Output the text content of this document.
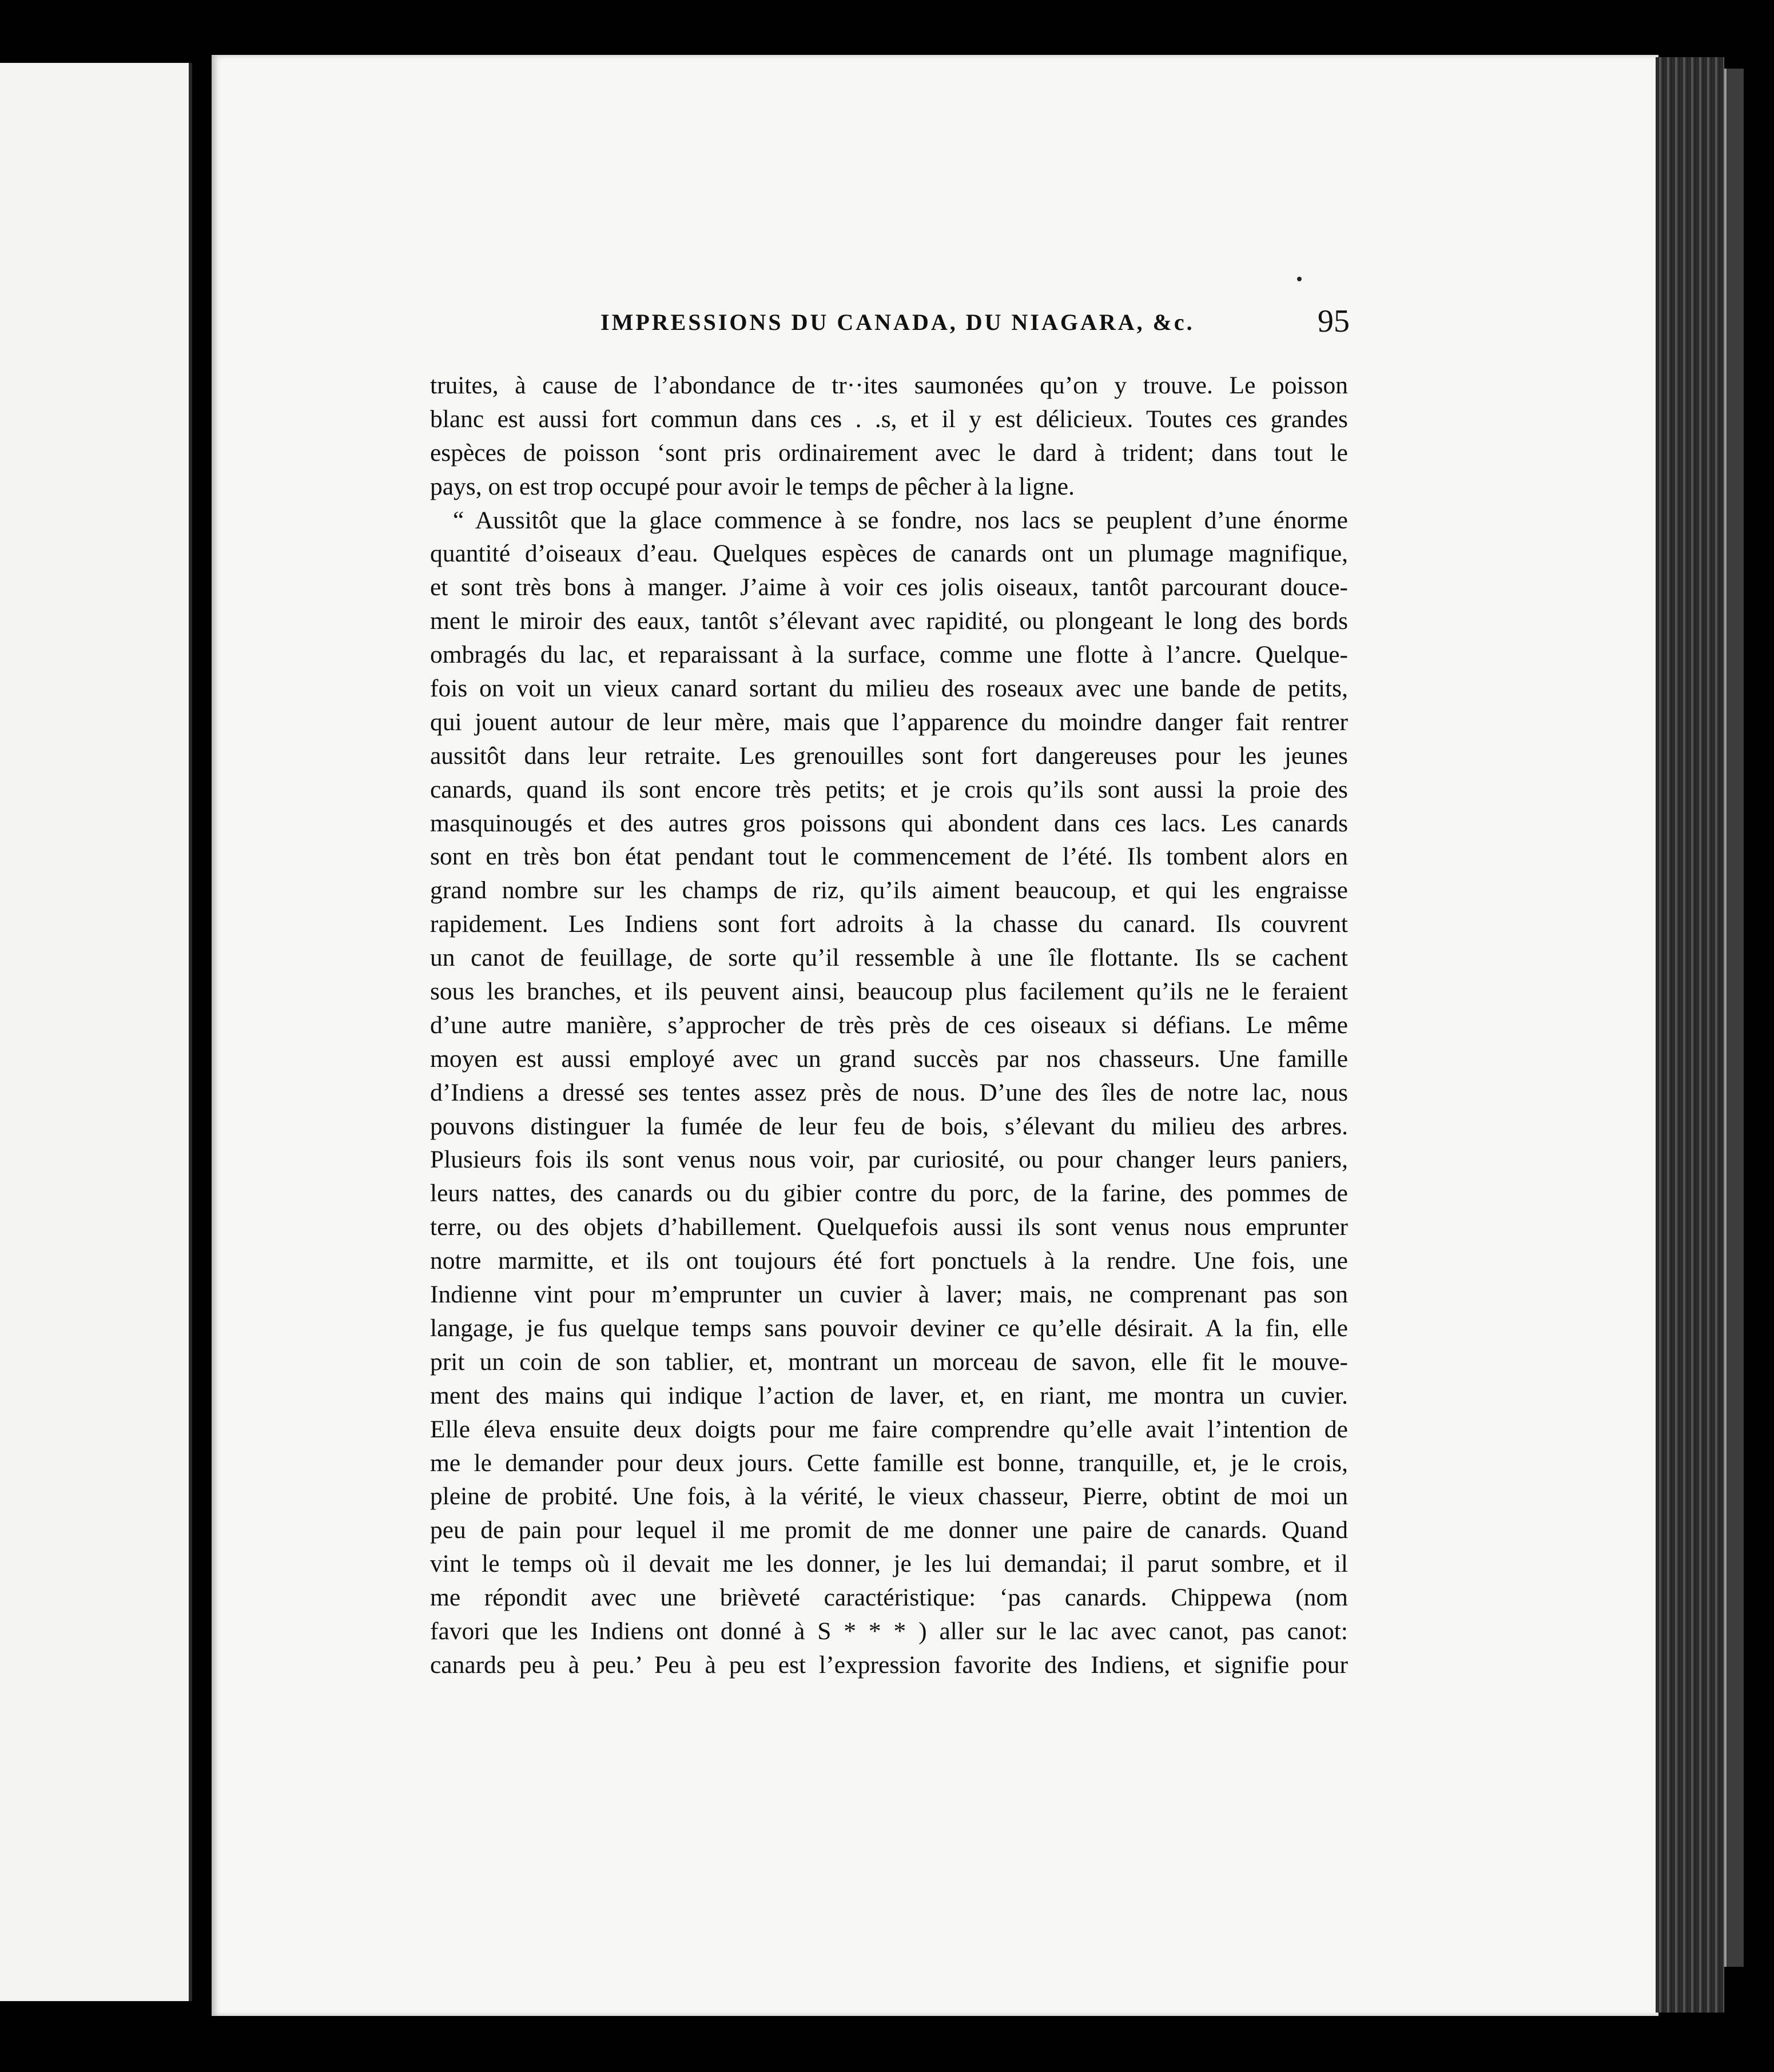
IMPRESSIONS DU CANADA, DU NIAGARA, &c.	95
truites, à cause de l’abondance de tr··ites saumonées qu’on y trouve. Le poisson
blanc est aussi fort commun dans ces . .s, et il y est délicieux. Toutes ces grandes
espèces de poisson ‘sont pris ordinairement avec le dard à trident; dans tout le
pays, on est trop occupé pour avoir le temps de pêcher à la ligne.
“ Aussitôt que la glace commence à se fondre, nos lacs se peuplent d’une énorme
quantité d’oiseaux d’eau. Quelques espèces de canards ont un plumage magnifique,
et sont très bons à manger. J’aime à voir ces jolis oiseaux, tantôt parcourant douce-
ment le miroir des eaux, tantôt s’élevant avec rapidité, ou plongeant le long des bords
ombragés du lac, et reparaissant à la surface, comme une flotte à l’ancre. Quelque-
fois on voit un vieux canard sortant du milieu des roseaux avec une bande de petits,
qui jouent autour de leur mère, mais que l’apparence du moindre danger fait rentrer
aussitôt dans leur retraite. Les grenouilles sont fort dangereuses pour les jeunes
canards, quand ils sont encore très petits; et je crois qu’ils sont aussi la proie des
masquinougés et des autres gros poissons qui abondent dans ces lacs. Les canards
sont en très bon état pendant tout le commencement de l’été. Ils tombent alors en
grand nombre sur les champs de riz, qu’ils aiment beaucoup, et qui les engraisse
rapidement. Les Indiens sont fort adroits à la chasse du canard. Ils couvrent
un canot de feuillage, de sorte qu’il ressemble à une île flottante. Ils se cachent
sous les branches, et ils peuvent ainsi, beaucoup plus facilement qu’ils ne le feraient
d’une autre manière, s’approcher de très près de ces oiseaux si défians. Le même
moyen est aussi employé avec un grand succès par nos chasseurs. Une famille
d’Indiens a dressé ses tentes assez près de nous. D’une des îles de notre lac, nous
pouvons distinguer la fumée de leur feu de bois, s’élevant du milieu des arbres.
Plusieurs fois ils sont venus nous voir, par curiosité, ou pour changer leurs paniers,
leurs nattes, des canards ou du gibier contre du porc, de la farine, des pommes de
terre, ou des objets d’habillement. Quelquefois aussi ils sont venus nous emprunter
notre marmitte, et ils ont toujours été fort ponctuels à la rendre. Une fois, une
Indienne vint pour m’emprunter un cuvier à laver; mais, ne comprenant pas son
langage, je fus quelque temps sans pouvoir deviner ce qu’elle désirait. A la fin, elle
prit un coin de son tablier, et, montrant un morceau de savon, elle fit le mouve-
ment des mains qui indique l’action de laver, et, en riant, me montra un cuvier.
Elle éleva ensuite deux doigts pour me faire comprendre qu’elle avait l’intention de
me le demander pour deux jours. Cette famille est bonne, tranquille, et, je le crois,
pleine de probité. Une fois, à la vérité, le vieux chasseur, Pierre, obtint de moi un
peu de pain pour lequel il me promit de me donner une paire de canards. Quand
vint le temps où il devait me les donner, je les lui demandai; il parut sombre, et il
me répondit avec une brièveté caractéristique: ‘pas canards. Chippewa (nom
favori que les Indiens ont donné à S * * * ) aller sur le lac avec canot, pas canot:
canards peu à peu.’ Peu à peu est l’expression favorite des Indiens, et signifie pour
